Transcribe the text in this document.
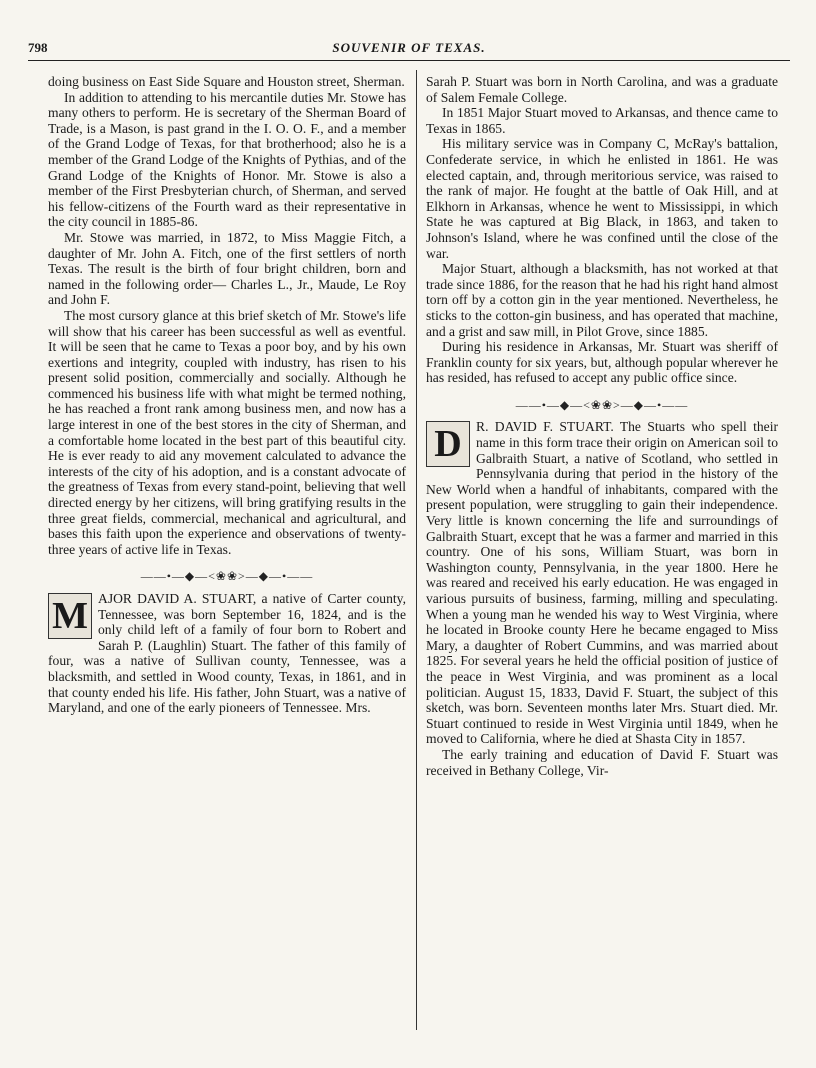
798	SOUVENIR OF TEXAS.

doing business on East Side Square and Houston street, Sherman.

In addition to attending to his mercantile duties Mr. Stowe has many others to perform. He is secretary of the Sherman Board of Trade, is a Mason, is past grand in the I. O. O. F., and a member of the Grand Lodge of Texas, for that brotherhood; also he is a member of the Grand Lodge of the Knights of Pythias, and of the Grand Lodge of the Knights of Honor. Mr. Stowe is also a member of the First Presbyterian church, of Sherman, and served his fellow-citizens of the Fourth ward as their representative in the city council in 1885-86.

Mr. Stowe was married, in 1872, to Miss Maggie Fitch, a daughter of Mr. John A. Fitch, one of the first settlers of north Texas. The result is the birth of four bright children, born and named in the following order— Charles L., Jr., Maude, Le Roy and John F.

The most cursory glance at this brief sketch of Mr. Stowe's life will show that his career has been successful as well as eventful. It will be seen that he came to Texas a poor boy, and by his own exertions and integrity, coupled with industry, has risen to his present solid position, commercially and socially. Although he commenced his business life with what might be termed nothing, he has reached a front rank among business men, and now has a large interest in one of the best stores in the city of Sherman, and a comfortable home located in the best part of this beautiful city. He is ever ready to aid any movement calculated to advance the interests of the city of his adoption, and is a constant advocate of the greatness of Texas from every stand-point, believing that well directed energy by her citizens, will bring gratifying results in the three great fields, commercial, mechanical and agricultural, and bases this faith upon the experience and observations of twenty-three years of active life in Texas.

——•—◆—<❀❀>—◆—•——
M AJOR DAVID A. STUART, a native of Carter county, Tennessee, was born September 16, 1824, and is the only child left of a family of four born to Robert and Sarah P. (Laughlin) Stuart. The father of this family of four, was a native of Sullivan county, Tennessee, was a blacksmith, and settled in Wood county, Texas, in 1861, and in that county ended his life. His father, John Stuart, was a native of Maryland, and one of the early pioneers of Tennessee. Mrs.

Sarah P. Stuart was born in North Carolina, and was a graduate of Salem Female College.

In 1851 Major Stuart moved to Arkansas, and thence came to Texas in 1865.

His military service was in Company C, McRay's battalion, Confederate service, in which he enlisted in 1861. He was elected captain, and, through meritorious service, was raised to the rank of major. He fought at the battle of Oak Hill, and at Elkhorn in Arkansas, whence he went to Mississippi, in which State he was captured at Big Black, in 1863, and taken to Johnson's Island, where he was confined until the close of the war.

Major Stuart, although a blacksmith, has not worked at that trade since 1886, for the reason that he had his right hand almost torn off by a cotton gin in the year mentioned. Nevertheless, he sticks to the cotton-gin business, and has operated that machine, and a grist and saw mill, in Pilot Grove, since 1885.

During his residence in Arkansas, Mr. Stuart was sheriff of Franklin county for six years, but, although popular wherever he has resided, has refused to accept any public office since.

——•—◆—<❀❀>—◆—•——
D	R. DAVID F. STUART. The Stuarts who spell their name in this form trace their origin on American soil to Galbraith Stuart, a native of Scotland, who settled in Pennsylvania during that period in the history of the New World when a handful of inhabitants, compared with the present population, were struggling to gain their independence. Very little is known concerning the life and surroundings of Galbraith Stuart, except that he was a farmer and married in this country. One of his sons, William Stuart, was born in Washington county, Pennsylvania, in the year 1800. Here he was reared and received his early education. He was engaged in various pursuits of business, farming, milling and speculating. When a young man he wended his way to West Virginia, where he located in Brooke county Here he became engaged to Miss Mary, a daughter of Robert Cummins, and was married about 1825. For several years he held the official position of justice of the peace in West Virginia, and was prominent as a local politician. August 15, 1833, David F. Stuart, the subject of this sketch, was born. Seventeen months later Mrs. Stuart died. Mr. Stuart continued to reside in West Virginia until 1849, when he moved to California, where he died at Shasta City in 1857.

The early training and education of David F. Stuart was received in Bethany College, Vir-
